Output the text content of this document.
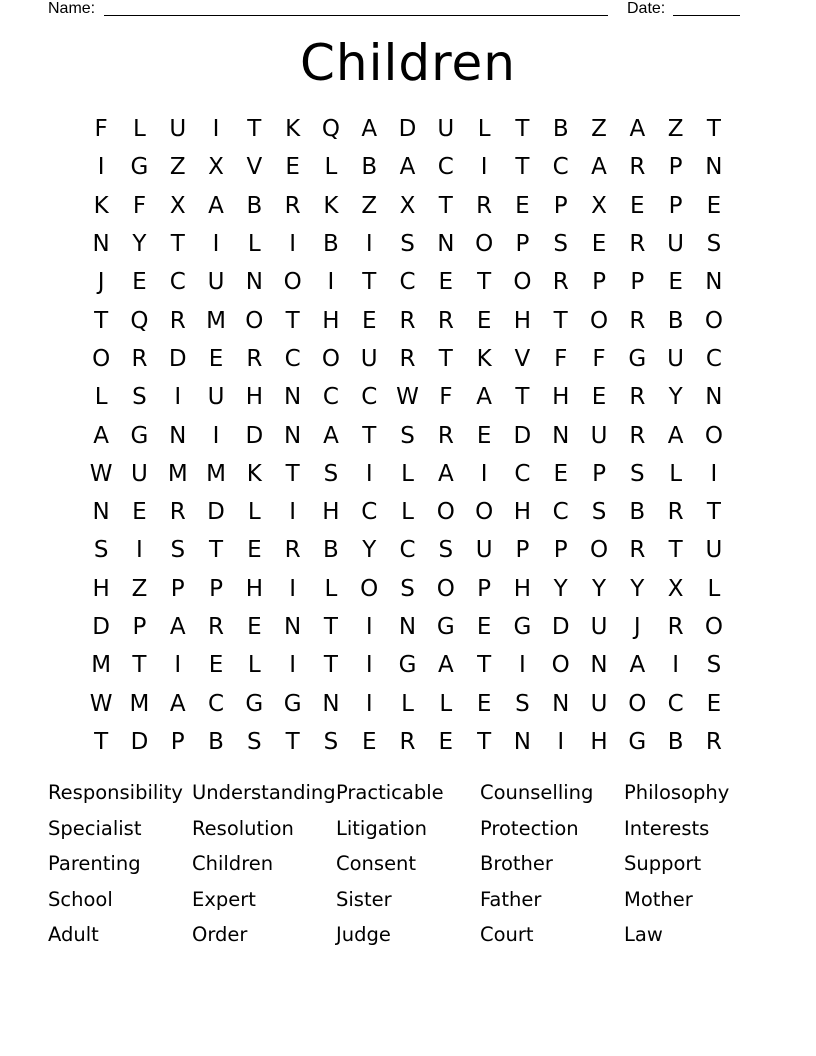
Name:	Date:
Children
F	L	U	I	T	K Q A D U	L	T	B Z A Z	T
I	G Z X V	E	L	B A C	I	T	C A R	P N
K	F	X A B R K Z X	T	R	E	P	X	E	P	E
N Y	T	I	L	I	B	I	S N O P	S	E	R U S
J	E C U N O	I	T	C	E	T O R	P	P	E N
T Q R M O T H E	R R	E H T O R B O
O R D E	R C O U R	T	K V	F	F G U C
L	S	I	U H N C C W F	A	T H E	R	Y N
A G N	I	D N A	T	S	R	E D N U R A O
W U M M K	T	S	I	L	A	I	C	E	P	S	L	I
N E	R D	L	I	H C	L O O H C S	B R	T
S	I	S	T	E	R B	Y	C S U P	P O R	T U
H Z	P	P H	I	L O S O P H Y	Y	Y	X	L
D P	A R	E N T	I	N G E G D U	J	R O
M T	I	E	L	I	T	I	G A	T	I	O N A	I	S
W M A C G G N	I	L	L	E	S N U O C	E
T D P	B	S	T	S	E	R	E	T N	I	H G B R
Responsibility Understanding Practicable	Counselling	Philosophy
Specialist	Resolution	Litigation	Protection	Interests
Parenting	Children	Consent	Brother	Support
School	Expert	Sister	Father	Mother
Adult	Order	Judge	Court	Law
